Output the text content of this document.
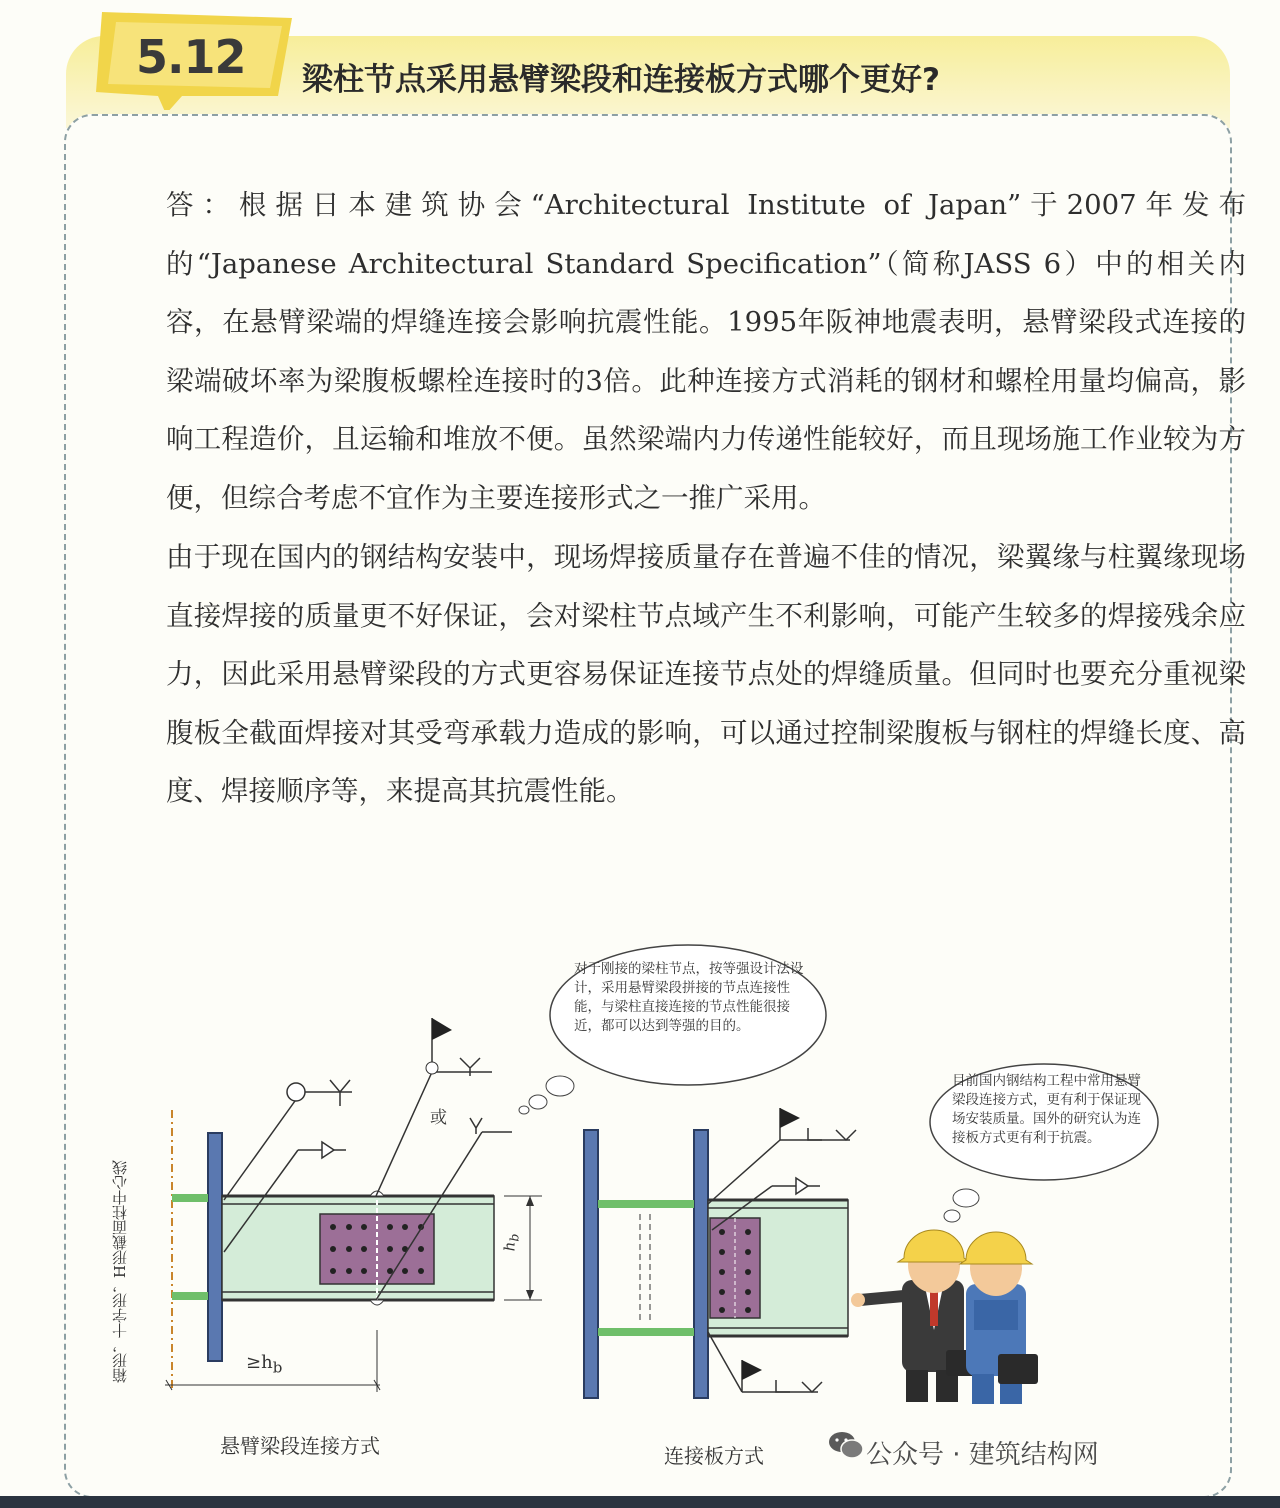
5.12 梁柱节点采用悬臂梁段和连接板方式哪个更好?
答：根据日本建筑协会“Architectural Institute of Japan”于2007年发布的“Japanese Architectural Standard Specification”（简称JASS 6）中的相关内容，在悬臂梁端的焊缝连接会影响抗震性能。1995年阪神地震表明，悬臂梁段式连接的梁端破坏率为梁腹板螺栓连接时的3倍。此种连接方式消耗的钢材和螺栓用量均偏高，影响工程造价，且运输和堆放不便。虽然梁端内力传递性能较好，而且现场施工作业较为方便，但综合考虑不宜作为主要连接形式之一推广采用。
由于现在国内的钢结构安装中，现场焊接质量存在普遍不佳的情况，梁翼缘与柱翼缘现场直接焊接的质量更不好保证，会对梁柱节点域产生不利影响，可能产生较多的焊接残余应力，因此采用悬臂梁段的方式更容易保证连接节点处的焊缝质量。但同时也要充分重视梁腹板全截面焊接对其受弯承载力造成的影响，可以通过控制梁腹板与钢柱的焊缝长度、高度、焊接顺序等，来提高其抗震性能。
对于刚接的梁柱节点，按等强设计法设计，采用悬臂梁段拼接的节点连接性能，与梁柱直接连接的节点性能很接近，都可以达到等强的目的。
目前国内钢结构工程中常用悬臂梁段连接方式，更有利于保证现场安装质量。国外的研究认为连接板方式更有利于抗震。
箱形，十字形，H形截面柱中心线
或
$h_b$
$\ge h_b$
悬臂梁段连接方式	连接板方式	公众号 · 建筑结构网
